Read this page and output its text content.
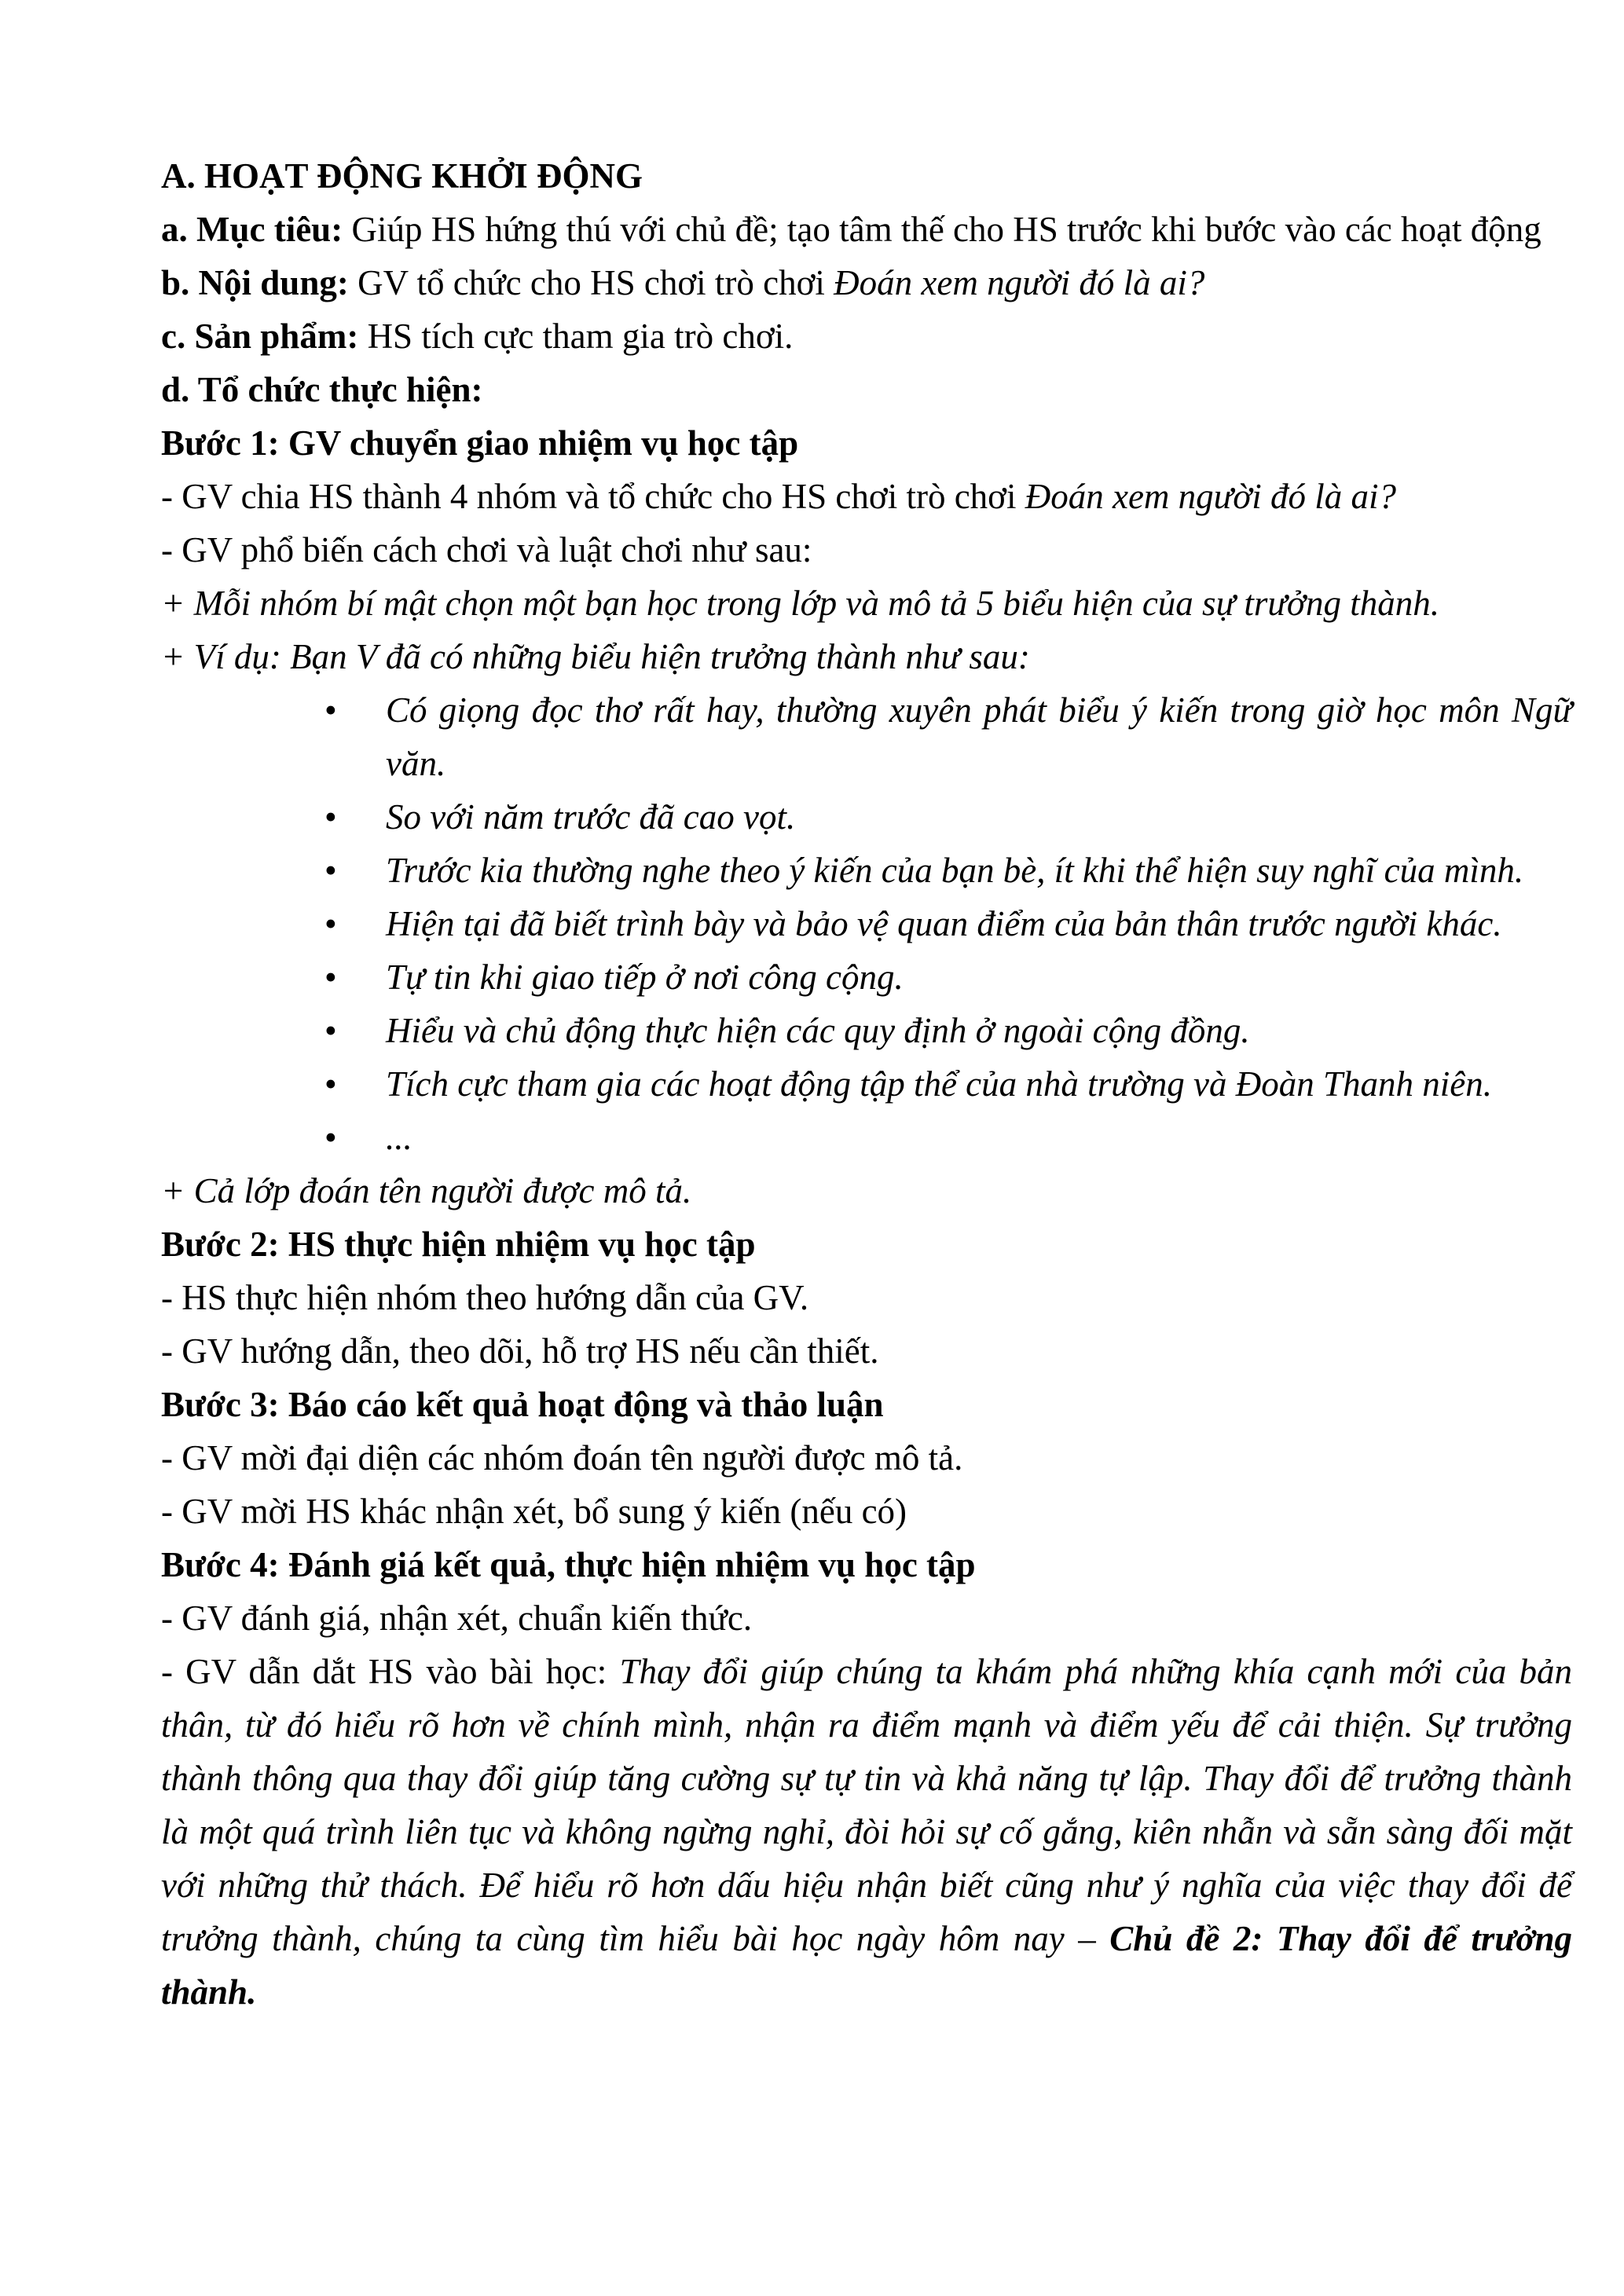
A. HOẠT ĐỘNG KHỞI ĐỘNG
a. Mục tiêu: Giúp HS hứng thú với chủ đề; tạo tâm thế cho HS trước khi bước vào các hoạt động
b. Nội dung: GV tổ chức cho HS chơi trò chơi Đoán xem người đó là ai?
c. Sản phẩm: HS tích cực tham gia trò chơi.
d. Tổ chức thực hiện:
Bước 1: GV chuyển giao nhiệm vụ học tập
- GV chia HS thành 4 nhóm và tổ chức cho HS chơi trò chơi Đoán xem người đó là ai?
- GV phổ biến cách chơi và luật chơi như sau:
+ Mỗi nhóm bí mật chọn một bạn học trong lớp và mô tả 5 biểu hiện của sự trưởng thành.
+ Ví dụ: Bạn V đã có những biểu hiện trưởng thành như sau:
• Có giọng đọc thơ rất hay, thường xuyên phát biểu ý kiến trong giờ học môn Ngữ văn.
• So với năm trước đã cao vọt.
• Trước kia thường nghe theo ý kiến của bạn bè, ít khi thể hiện suy nghĩ của mình.
• Hiện tại đã biết trình bày và bảo vệ quan điểm của bản thân trước người khác.
• Tự tin khi giao tiếp ở nơi công cộng.
• Hiểu và chủ động thực hiện các quy định ở ngoài cộng đồng.
• Tích cực tham gia các hoạt động tập thể của nhà trường và Đoàn Thanh niên.
• ...
+ Cả lớp đoán tên người được mô tả.
Bước 2: HS thực hiện nhiệm vụ học tập
- HS thực hiện nhóm theo hướng dẫn của GV.
- GV hướng dẫn, theo dõi, hỗ trợ HS nếu cần thiết.
Bước 3: Báo cáo kết quả hoạt động và thảo luận
- GV mời đại diện các nhóm đoán tên người được mô tả.
- GV mời HS khác nhận xét, bổ sung ý kiến (nếu có)
Bước 4: Đánh giá kết quả, thực hiện nhiệm vụ học tập
- GV đánh giá, nhận xét, chuẩn kiến thức.
- GV dẫn dắt HS vào bài học: Thay đổi giúp chúng ta khám phá những khía cạnh mới của bản thân, từ đó hiểu rõ hơn về chính mình, nhận ra điểm mạnh và điểm yếu để cải thiện. Sự trưởng thành thông qua thay đổi giúp tăng cường sự tự tin và khả năng tự lập. Thay đổi để trưởng thành là một quá trình liên tục và không ngừng nghỉ, đòi hỏi sự cố gắng, kiên nhẫn và sẵn sàng đối mặt với những thử thách. Để hiểu rõ hơn dấu hiệu nhận biết cũng như ý nghĩa của việc thay đổi để trưởng thành, chúng ta cùng tìm hiểu bài học ngày hôm nay – Chủ đề 2: Thay đổi để trưởng thành.
